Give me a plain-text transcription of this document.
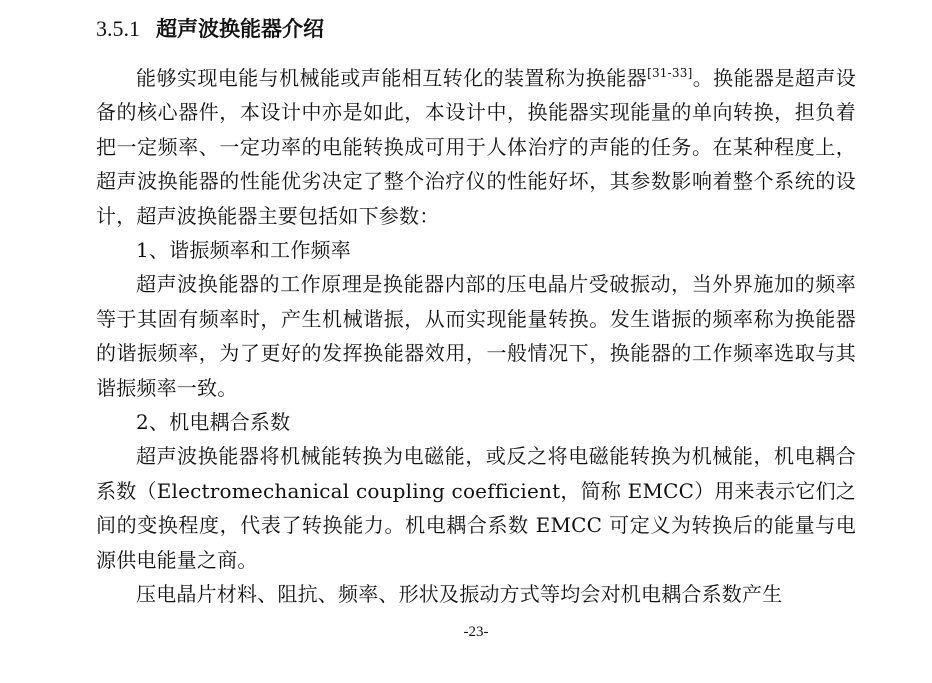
3.5.1 超声波换能器介绍

能够实现电能与机械能或声能相互转化的装置称为换能器[31-33]。换能器是超声设备的核心器件，本设计中亦是如此，本设计中，换能器实现能量的单向转换，担负着把一定频率、一定功率的电能转换成可用于人体治疗的声能的任务。在某种程度上，超声波换能器的性能优劣决定了整个治疗仪的性能好坏，其参数影响着整个系统的设计，超声波换能器主要包括如下参数：

1、谐振频率和工作频率

超声波换能器的工作原理是换能器内部的压电晶片受破振动，当外界施加的频率等于其固有频率时，产生机械谐振，从而实现能量转换。发生谐振的频率称为换能器的谐振频率，为了更好的发挥换能器效用，一般情况下，换能器的工作频率选取与其谐振频率一致。

2、机电耦合系数

超声波换能器将机械能转换为电磁能，或反之将电磁能转换为机械能，机电耦合系数（Electromechanical coupling coefficient，简称 EMCC）用来表示它们之间的变换程度，代表了转换能力。机电耦合系数 EMCC 可定义为转换后的能量与电源供电能量之商。

压电晶片材料、阻抗、频率、形状及振动方式等均会对机电耦合系数产生

-23-
